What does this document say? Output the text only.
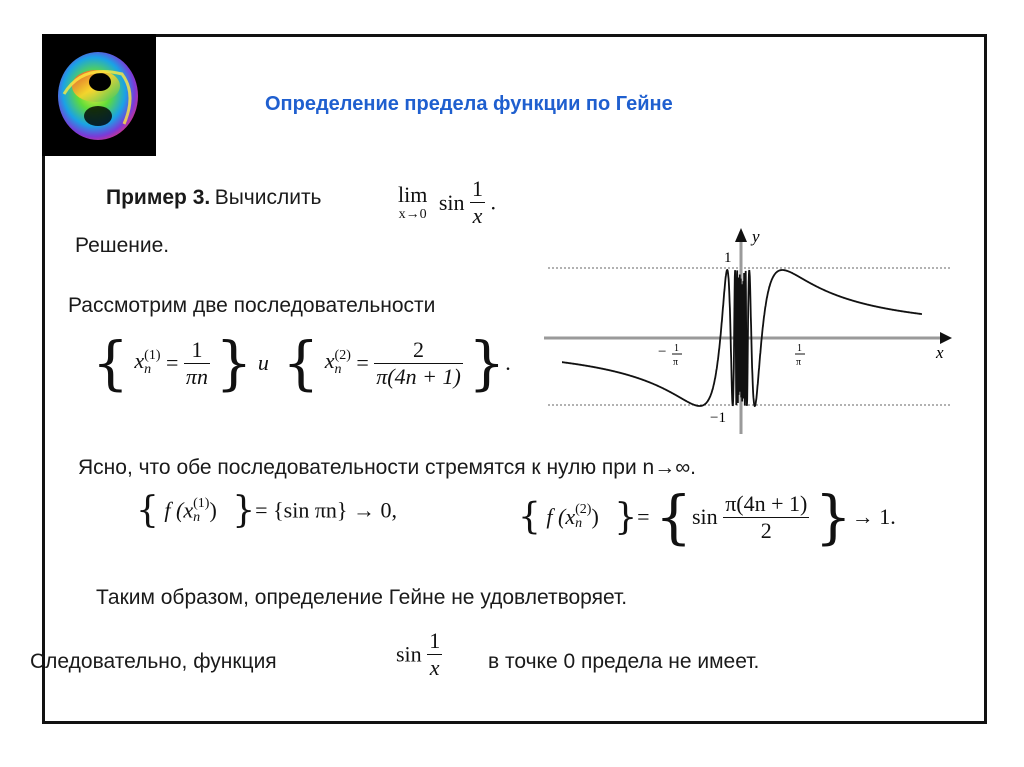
Определение предела функции по Гейне
Пример 3. Вычислить	lim
x→0 $\sin \frac{1}{x}$ .
Решение.
Рассмотрим две последовательности
{ x (1)
$n = \frac{1}{\pi n}$ } и { x (2)
$n = \frac{2}{\pi(4n + 1)}$ }.
y
x
1
−1
− 1
π
1
π
Ясно, что обе последовательности стремятся к нулю при n→∞.
{ f (x (1)
n ) }= {sin πn} → 0,	{ f (x (2)
n ) }= {$\sin \frac{\pi(4n + 1)}{2}$ }→ 1.
Таким образом, определение Гейне не удовлетворяет.
Следовательно, функция	$\sin \frac{1}{x}$ в точке 0 предела не имеет.
